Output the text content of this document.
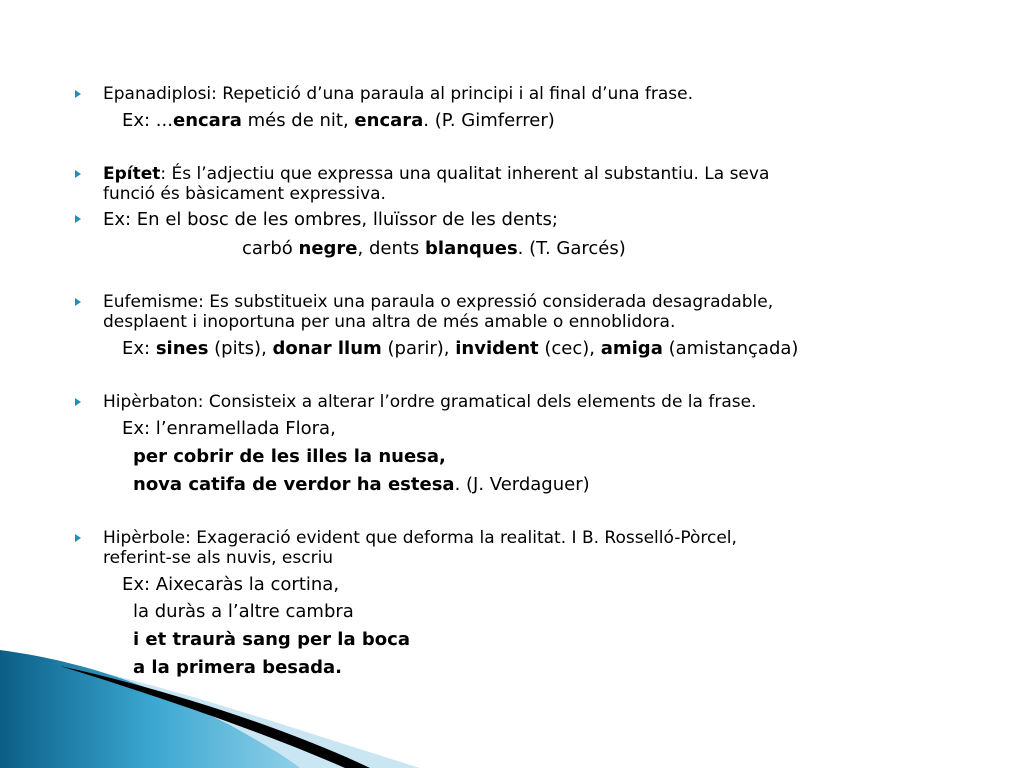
Epanadiplosi: Repetició d’una paraula al principi i al final d’una frase.
Ex: ...encara més de nit, encara. (P. Gimferrer)
Epítet: És l’adjectiu que expressa una qualitat inherent al substantiu. La seva
funció és bàsicament expressiva.
Ex: En el bosc de les ombres, lluïssor de les dents;
carbó negre, dents blanques. (T. Garcés)
Eufemisme: Es substitueix una paraula o expressió considerada desagradable,
desplaent i inoportuna per una altra de més amable o ennoblidora.
Ex: sines (pits), donar llum (parir), invident (cec), amiga (amistançada)
Hipèrbaton: Consisteix a alterar l’ordre gramatical dels elements de la frase.
Ex: l’enramellada Flora,
per cobrir de les illes la nuesa,
nova catifa de verdor ha estesa. (J. Verdaguer)
Hipèrbole: Exageració evident que deforma la realitat. I B. Rosselló-Pòrcel,
referint-se als nuvis, escriu
Ex: Aixecaràs la cortina,
la duràs a l’altre cambra
i et traurà sang per la boca
a la primera besada.
